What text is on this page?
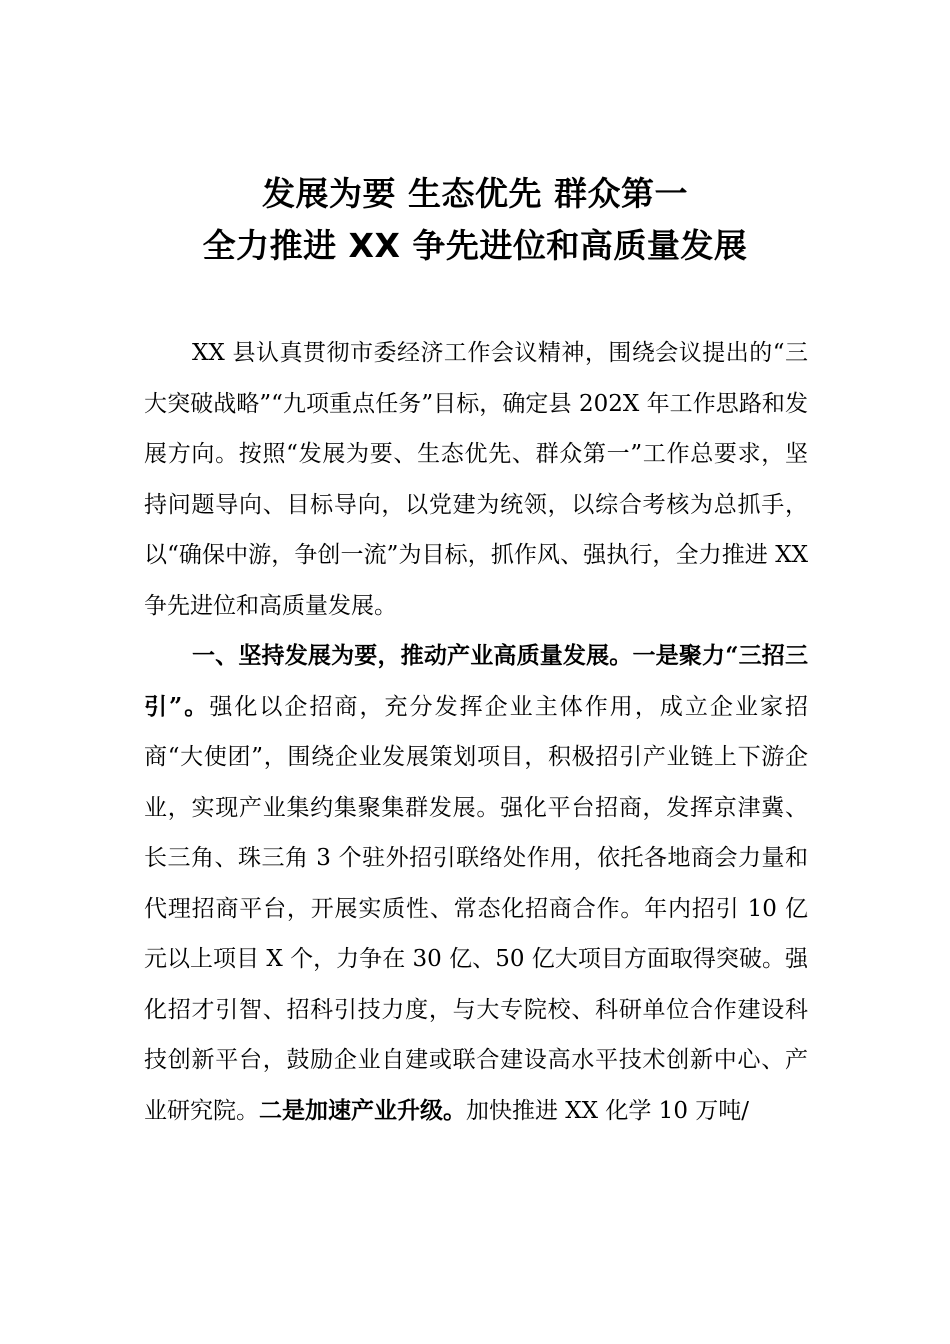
发展为要 生态优先 群众第一
全力推进 XX 争先进位和高质量发展

XX 县认真贯彻市委经济工作会议精神，围绕会议提出的“三大突破战略”“九项重点任务”目标，确定县 202X 年工作思路和发展方向。按照“发展为要、生态优先、群众第一”工作总要求，坚持问题导向、目标导向，以党建为统领，以综合考核为总抓手，以“确保中游，争创一流”为目标，抓作风、强执行，全力推进 XX 争先进位和高质量发展。

一、坚持发展为要，推动产业高质量发展。一是聚力“三招三引”。强化以企招商，充分发挥企业主体作用，成立企业家招商“大使团”，围绕企业发展策划项目，积极招引产业链上下游企业，实现产业集约集聚集群发展。强化平台招商，发挥京津冀、长三角、珠三角 3 个驻外招引联络处作用，依托各地商会力量和代理招商平台，开展实质性、常态化招商合作。年内招引 10 亿元以上项目 X 个，力争在 30 亿、50 亿大项目方面取得突破。强化招才引智、招科引技力度，与大专院校、科研单位合作建设科技创新平台，鼓励企业自建或联合建设高水平技术创新中心、产业研究院。二是加速产业升级。加快推进 XX 化学 10 万吨/
